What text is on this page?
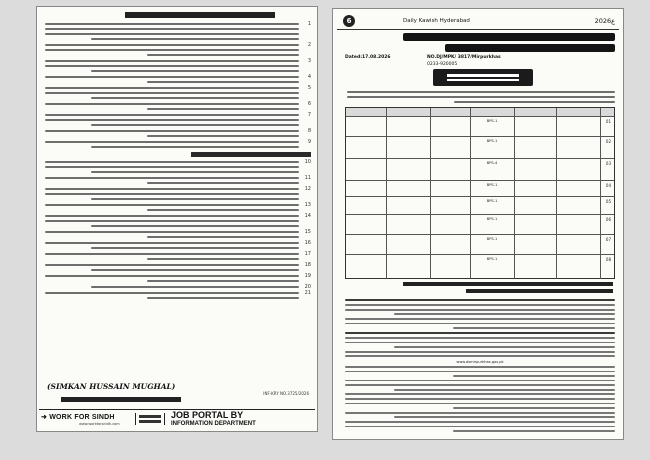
1
2
3
4
5
6
7
8
9
10
11
12
13
14
15
16
17
18
19
20
21
(SIMKAN HUSSAIN MUGHAL)
INF-KRY NO.3725/2026
➜ WORK FOR SINDH
www.workforsindh.com
JOB PORTAL BY
INFORMATION DEPARTMENT
6	Daily Kawish Hyderabad	2026ع
NO.DJ/MPK/ 3817/Mirpurkhas
Dated:17.08.2026
0233-920005
BPS-1	01
BPS-1	02
BPS-4	03
BPS-1	04
BPS-1	05
BPS-1	06
BPS-1	07
BPS-1	08
www.dsmirpurkhas.gos.pk
